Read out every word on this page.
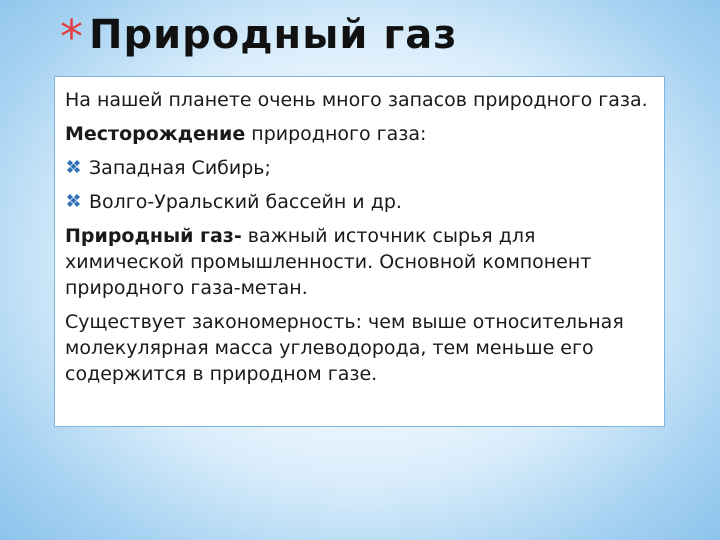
* Природный газ

На нашей планете очень много запасов природного газа.

Месторождение природного газа:

Западная Сибирь;
Волго-Уральский бассейн и др.

Природный газ- важный источник сырья для химической промышленности. Основной компонент природного газа-метан.

Существует закономерность: чем выше относительная молекулярная масса углеводорода, тем меньше его содержится в природном газе.
